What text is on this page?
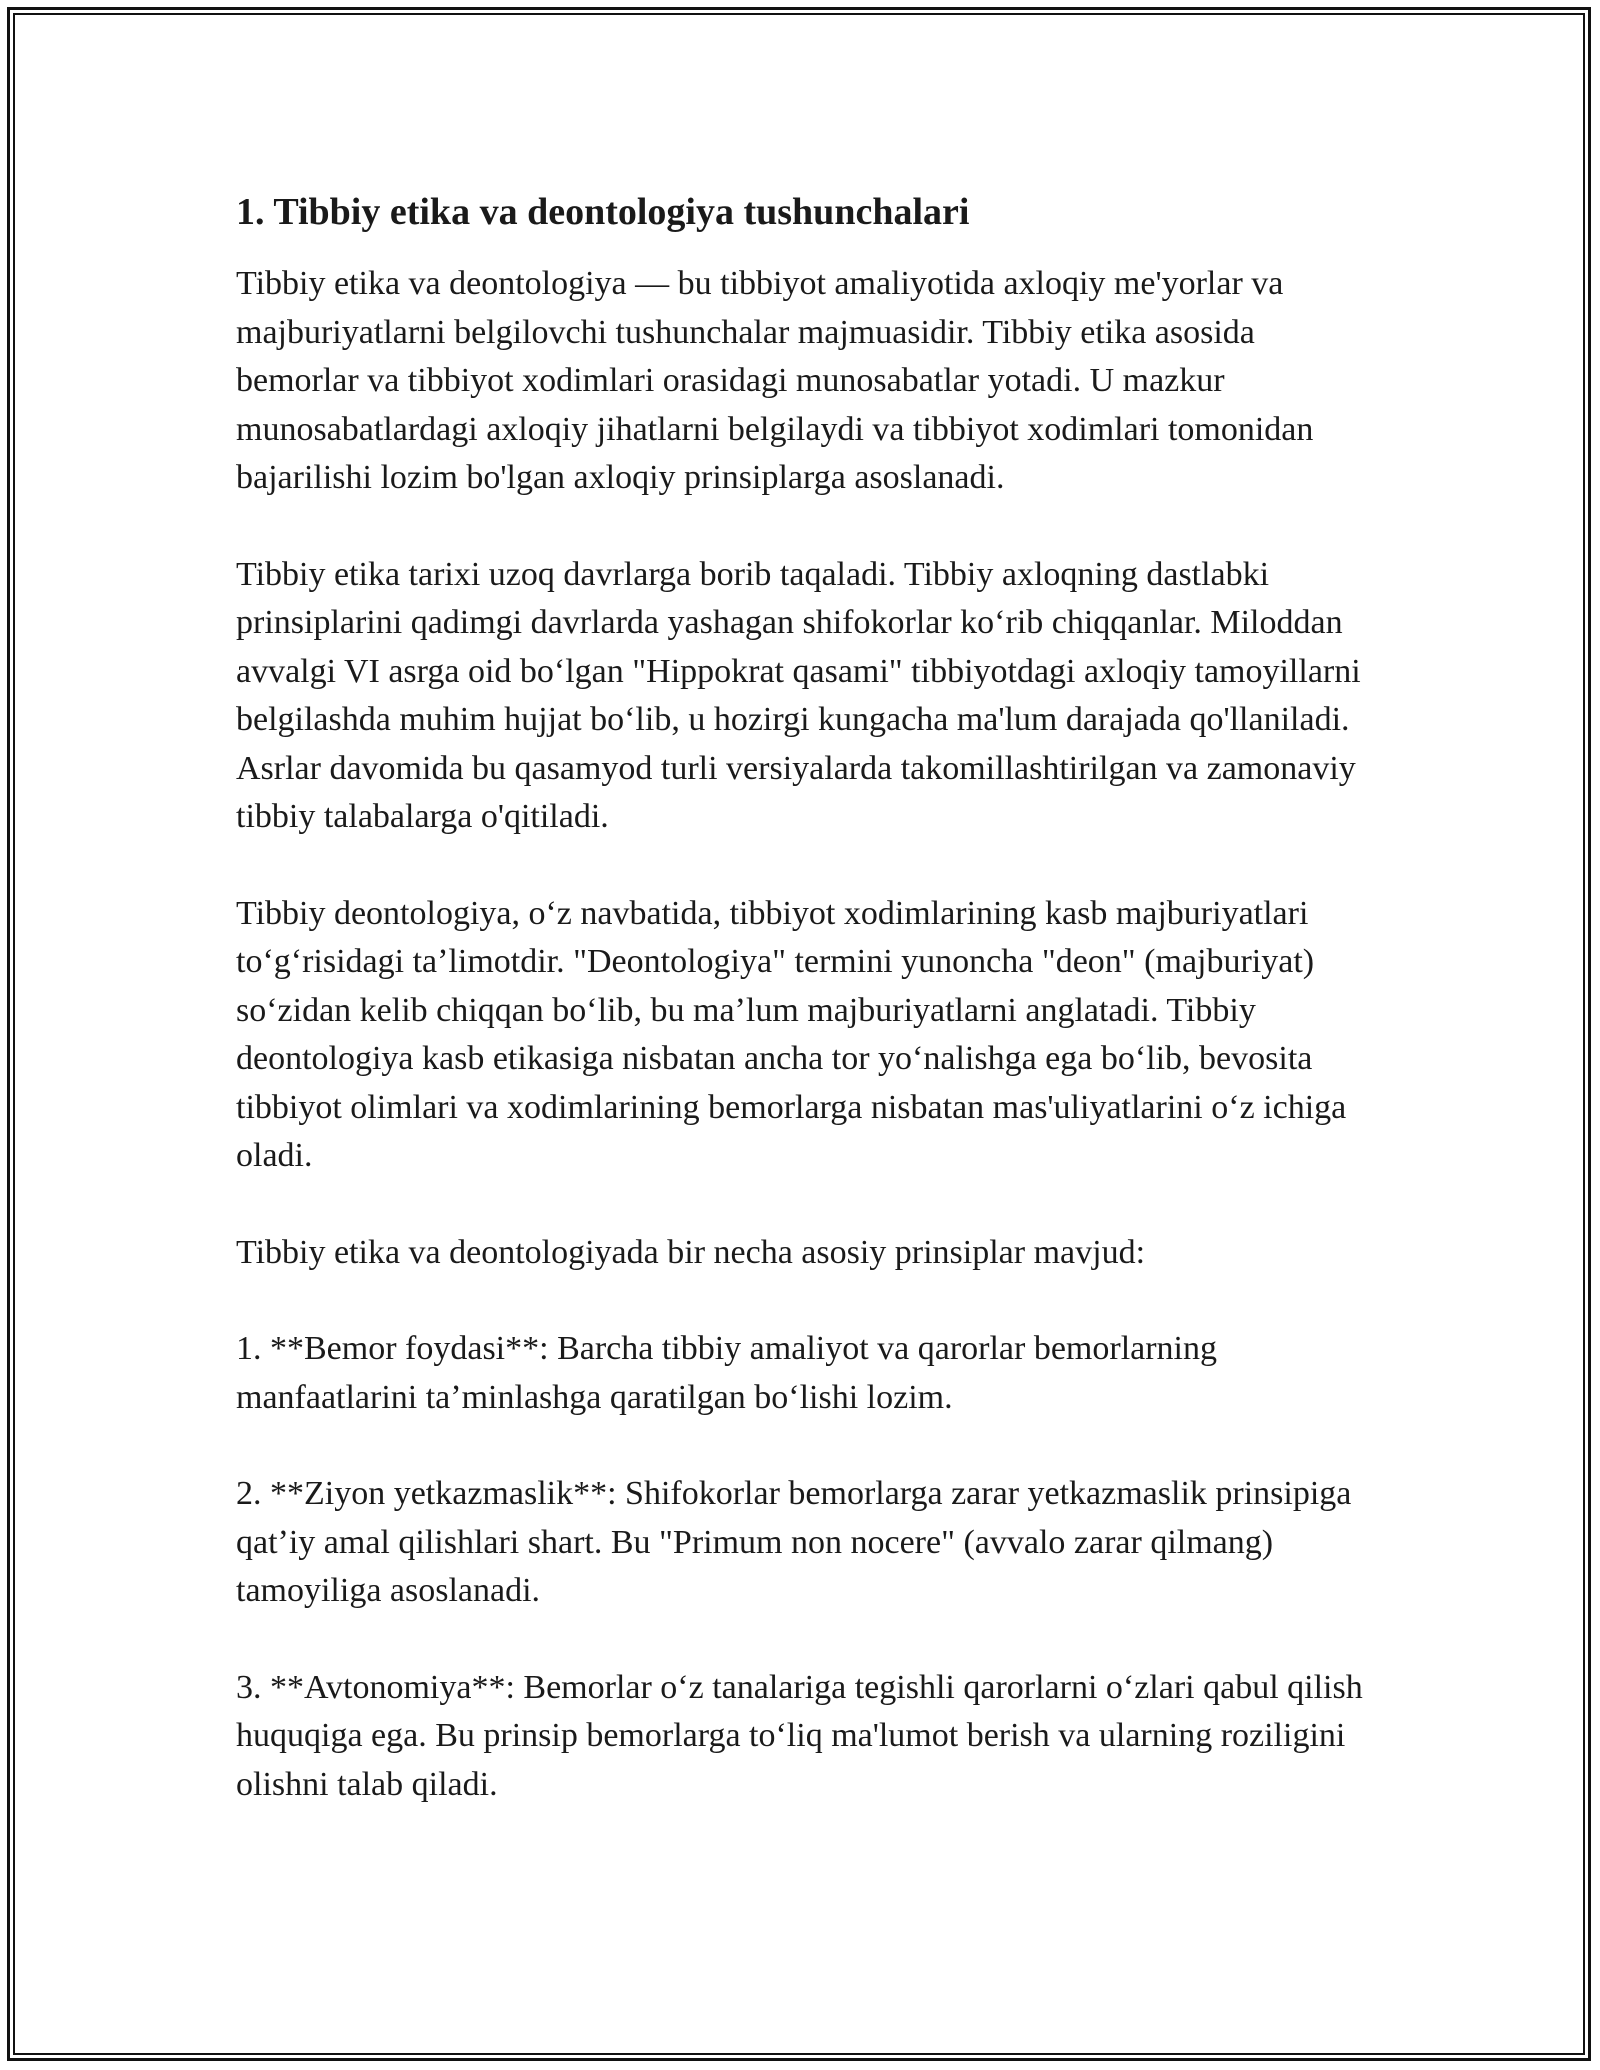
1. Tibbiy etika va deontologiya tushunchalari

Tibbiy etika va deontologiya — bu tibbiyot amaliyotida axloqiy me'yorlar va majburiyatlarni belgilovchi tushunchalar majmuasidir. Tibbiy etika asosida bemorlar va tibbiyot xodimlari orasidagi munosabatlar yotadi. U mazkur munosabatlardagi axloqiy jihatlarni belgilaydi va tibbiyot xodimlari tomonidan bajarilishi lozim bo'lgan axloqiy prinsiplarga asoslanadi.

Tibbiy etika tarixi uzoq davrlarga borib taqaladi. Tibbiy axloqning dastlabki prinsiplarini qadimgi davrlarda yashagan shifokorlar koʻrib chiqqanlar. Miloddan avvalgi VI asrga oid boʻlgan "Hippokrat qasami" tibbiyotdagi axloqiy tamoyillarni belgilashda muhim hujjat boʻlib, u hozirgi kungacha ma'lum darajada qo'llaniladi. Asrlar davomida bu qasamyod turli versiyalarda takomillashtirilgan va zamonaviy tibbiy talabalarga o'qitiladi.

Tibbiy deontologiya, oʻz navbatida, tibbiyot xodimlarining kasb majburiyatlari toʻgʻrisidagi taʼlimotdir. "Deontologiya" termini yunoncha "deon" (majburiyat) soʻzidan kelib chiqqan boʻlib, bu maʼlum majburiyatlarni anglatadi. Tibbiy deontologiya kasb etikasiga nisbatan ancha tor yoʻnalishga ega boʻlib, bevosita tibbiyot olimlari va xodimlarining bemorlarga nisbatan mas'uliyatlarini oʻz ichiga oladi.

Tibbiy etika va deontologiyada bir necha asosiy prinsiplar mavjud:

1. **Bemor foydasi**: Barcha tibbiy amaliyot va qarorlar bemorlarning manfaatlarini taʼminlashga qaratilgan boʻlishi lozim.

2. **Ziyon yetkazmaslik**: Shifokorlar bemorlarga zarar yetkazmaslik prinsipiga qatʼiy amal qilishlari shart. Bu "Primum non nocere" (avvalo zarar qilmang) tamoyiliga asoslanadi.

3. **Avtonomiya**: Bemorlar oʻz tanalariga tegishli qarorlarni oʻzlari qabul qilish huquqiga ega. Bu prinsip bemorlarga toʻliq ma'lumot berish va ularning roziligini olishni talab qiladi.
